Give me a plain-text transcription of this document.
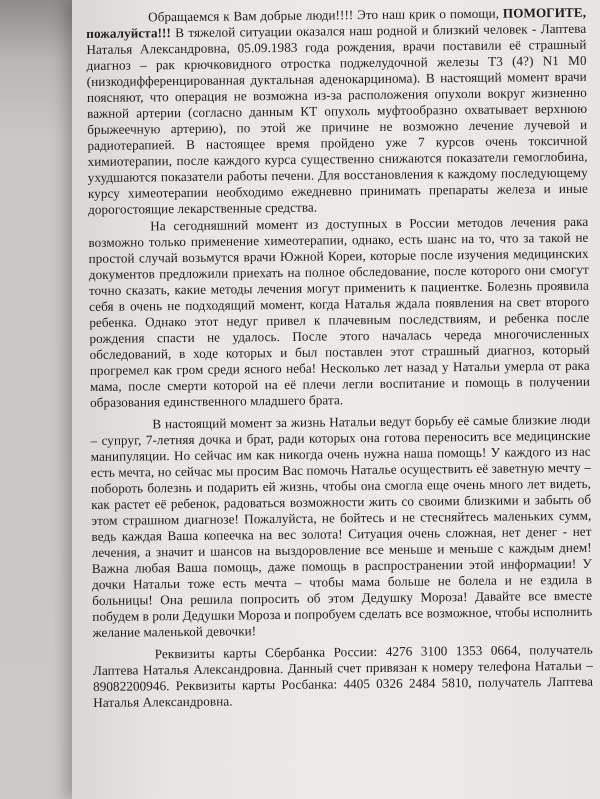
Обращаемся к Вам добрые люди!!!! Это наш крик о помощи, ПОМОГИТЕ, пожалуйста!!! В тяжелой ситуации оказался наш родной и близкий человек - Лаптева Наталья Александровна, 05.09.1983 года рождения, врачи поставили её страшный диагноз – рак крючковидного отростка поджелудочной железы Т3 (4?) N1 M0 (низкодифференцированная дуктальная аденокарцинома). В настоящий момент врачи поясняют, что операция не возможна из-за расположения опухоли вокруг жизненно важной артерии (согласно данным КТ опухоль муфтообразно охватывает верхнюю брыжеечную артерию), по этой же причине не возможно лечение лучевой и радиотерапией. В настоящее время пройдено уже 7 курсов очень токсичной химиотерапии, после каждого курса существенно снижаются показатели гемоглобина, ухудшаются показатели работы печени. Для восстановления к каждому последующему курсу химеотерапии необходимо ежедневно принимать препараты железа и иные дорогостоящие лекарственные средства.

На сегодняшний момент из доступных в России методов лечения рака возможно только применение химеотерапии, однако, есть шанс на то, что за такой не простой случай возьмутся врачи Южной Кореи, которые после изучения медицинских документов предложили приехать на полное обследование, после которого они смогут точно сказать, какие методы лечения могут применить к пациентке. Болезнь проявила себя в очень не подходящий момент, когда Наталья ждала появления на свет второго ребенка. Однако этот недуг привел к плачевным последствиям, и ребенка после рождения спасти не удалось. После этого началась череда многочисленных обследований, в ходе которых и был поставлен этот страшный диагноз, который прогремел как гром среди ясного неба! Несколько лет назад у Натальи умерла от рака мама, после смерти которой на её плечи легли воспитание и помощь в получении образования единственного младшего брата.

В настоящий момент за жизнь Натальи ведут борьбу её самые близкие люди – супруг, 7-летняя дочка и брат, ради которых она готова переносить все медицинские манипуляции. Но сейчас им как никогда очень нужна наша помощь! У каждого из нас есть мечта, но сейчас мы просим Вас помочь Наталье осуществить её заветную мечту – побороть болезнь и подарить ей жизнь, чтобы она смогла еще очень много лет видеть, как растет её ребенок, радоваться возможности жить со своими близкими и забыть об этом страшном диагнозе! Пожалуйста, не бойтесь и не стесняйтесь маленьких сумм, ведь каждая Ваша копеечка на вес золота! Ситуация очень сложная, нет денег - нет лечения, а значит и шансов на выздоровление все меньше и меньше с каждым днем! Важна любая Ваша помощь, даже помощь в распространении этой информации! У дочки Натальи тоже есть мечта – чтобы мама больше не болела и не ездила в больницы! Она решила попросить об этом Дедушку Мороза! Давайте все вместе побудем в роли Дедушки Мороза и попробуем сделать все возможное, чтобы исполнить желание маленькой девочки!

Реквизиты карты Сбербанка России: 4276 3100 1353 0664, получатель Лаптева Наталья Александровна. Данный счет привязан к номеру телефона Натальи – 89082200946. Реквизиты карты Росбанка: 4405 0326 2484 5810, получатель Лаптева Наталья Александровна.
